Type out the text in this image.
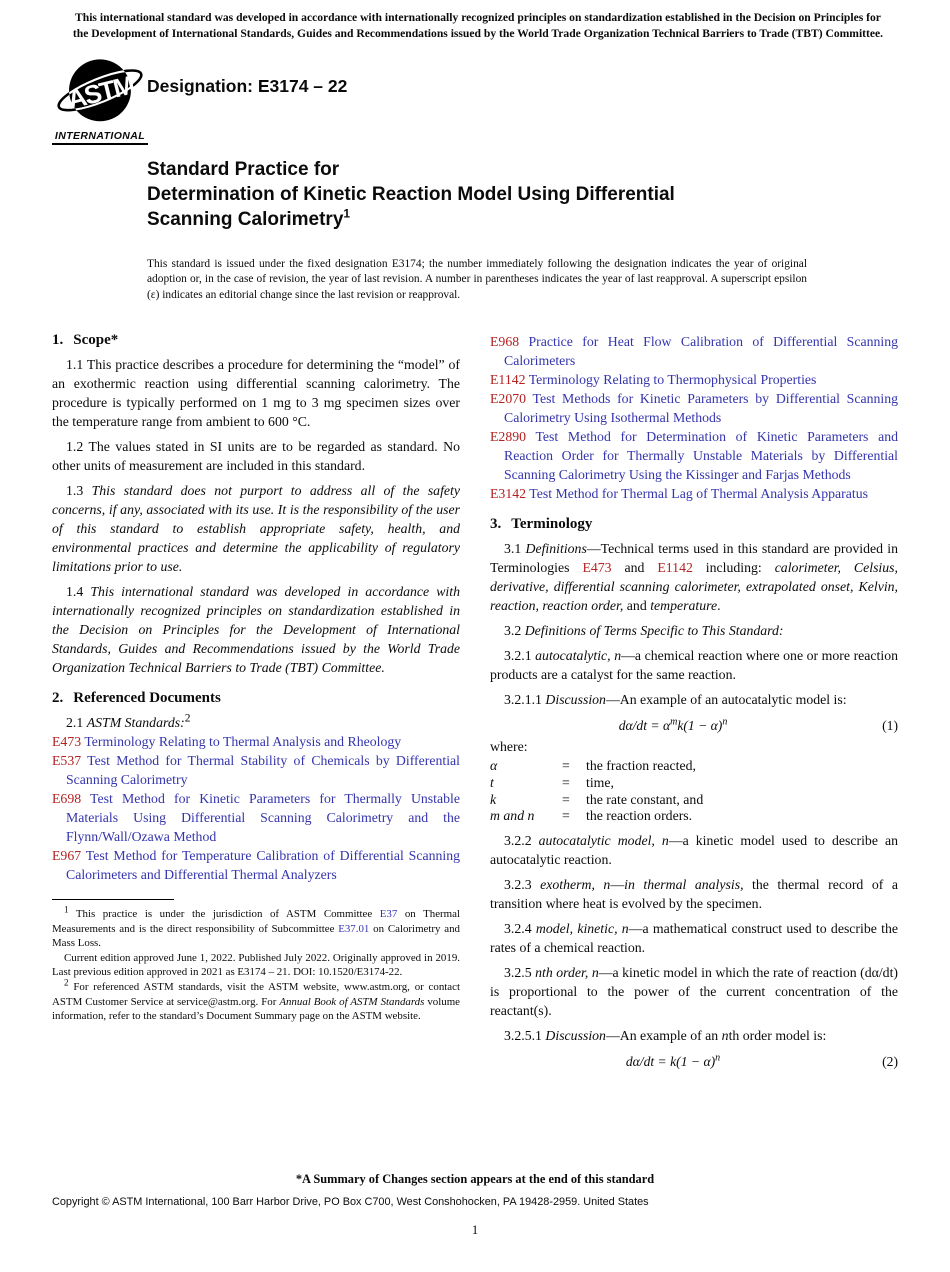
This international standard was developed in accordance with internationally recognized principles on standardization established in the Decision on Principles for the Development of International Standards, Guides and Recommendations issued by the World Trade Organization Technical Barriers to Trade (TBT) Committee.
ASTM
INTERNATIONAL
Designation: E3174 – 22
Standard Practice for
Determination of Kinetic Reaction Model Using Differential
Scanning Calorimetry$^1$
This standard is issued under the fixed designation E3174; the number immediately following the designation indicates the year of original adoption or, in the case of revision, the year of last revision. A number in parentheses indicates the year of last reapproval. A superscript epsilon (ε) indicates an editorial change since the last revision or reapproval.
1. Scope*

1.1 This practice describes a procedure for determining the “model” of an exothermic reaction using differential scanning calorimetry. The procedure is typically performed on 1 mg to 3 mg specimen sizes over the temperature range from ambient to 600 °C.

1.2 The values stated in SI units are to be regarded as standard. No other units of measurement are included in this standard.

1.3 This standard does not purport to address all of the safety concerns, if any, associated with its use. It is the responsibility of the user of this standard to establish appropriate safety, health, and environmental practices and determine the applicability of regulatory limitations prior to use.

1.4 This international standard was developed in accordance with internationally recognized principles on standardization established in the Decision on Principles for the Development of International Standards, Guides and Recommendations issued by the World Trade Organization Technical Barriers to Trade (TBT) Committee.

2. Referenced Documents

2.1 ASTM Standards:$^2$

E473 Terminology Relating to Thermal Analysis and Rheology

E537 Test Method for Thermal Stability of Chemicals by Differential Scanning Calorimetry

E698 Test Method for Kinetic Parameters for Thermally Unstable Materials Using Differential Scanning Calorimetry and the Flynn/Wall/Ozawa Method

E967 Test Method for Temperature Calibration of Differential Scanning Calorimeters and Differential Thermal Analyzers

$^1$ This practice is under the jurisdiction of ASTM Committee E37 on Thermal Measurements and is the direct responsibility of Subcommittee E37.01 on Calorimetry and Mass Loss.

Current edition approved June 1, 2022. Published July 2022. Originally approved in 2019. Last previous edition approved in 2021 as E3174 – 21. DOI: 10.1520/E3174-22.

$^2$ For referenced ASTM standards, visit the ASTM website, www.astm.org, or contact ASTM Customer Service at service@astm.org. For Annual Book of ASTM Standards volume information, refer to the standard’s Document Summary page on the ASTM website.

E968 Practice for Heat Flow Calibration of Differential Scanning Calorimeters

E1142 Terminology Relating to Thermophysical Properties

E2070 Test Methods for Kinetic Parameters by Differential Scanning Calorimetry Using Isothermal Methods

E2890 Test Method for Determination of Kinetic Parameters and Reaction Order for Thermally Unstable Materials by Differential Scanning Calorimetry Using the Kissinger and Farjas Methods

E3142 Test Method for Thermal Lag of Thermal Analysis Apparatus

3. Terminology

3.1 Definitions—Technical terms used in this standard are provided in Terminologies E473 and E1142 including: calorimeter, Celsius, derivative, differential scanning calorimeter, extrapolated onset, Kelvin, reaction, reaction order, and temperature.

3.2 Definitions of Terms Specific to This Standard:

3.2.1 autocatalytic, n—a chemical reaction where one or more reaction products are a catalyst for the same reaction.

3.2.1.1 Discussion—An example of an autocatalytic model is:

$d\alpha/dt = \alpha^mk(1 - \alpha)^n$	(1)
where:
α	=	the fraction reacted,
t	=	time,
k	=	the rate constant, and
m and n	=	the reaction orders.

3.2.2 autocatalytic model, n—a kinetic model used to describe an autocatalytic reaction.

3.2.3 exotherm, n—in thermal analysis, the thermal record of a transition where heat is evolved by the specimen.

3.2.4 model, kinetic, n—a mathematical construct used to describe the rates of a chemical reaction.

3.2.5 nth order, n—a kinetic model in which the rate of reaction (dα/dt) is proportional to the power of the current concentration of the reactant(s).

3.2.5.1 Discussion—An example of an nth order model is:

$d\alpha/dt = k(1 - \alpha)^n$	(2)
*A Summary of Changes section appears at the end of this standard
Copyright © ASTM International, 100 Barr Harbor Drive, PO Box C700, West Conshohocken, PA 19428-2959. United States
1
